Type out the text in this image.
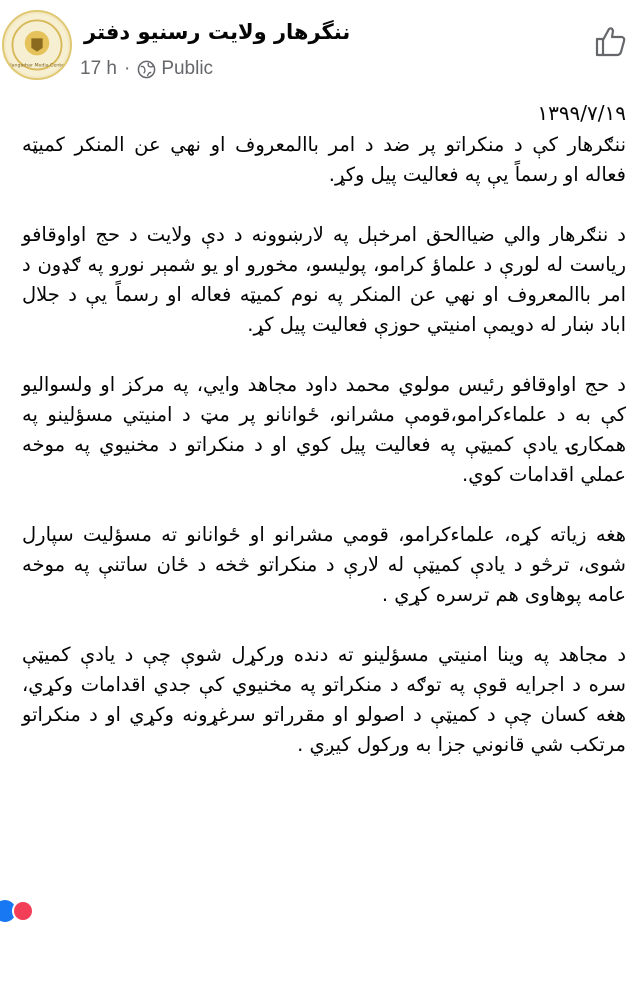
Nangarhar Media Center
ننگرهار ولایت رسنیو دفتر
17 h · Public
۱۳۹۹/۷/۱۹
ننګرهار کې د منکراتو پر ضد د امر باالمعروف او نهي عن المنکر کمیټه فعاله او رسماً یې په فعالیت پیل وکړ.
د ننګرهار والي ضیاالحق امرخېل په لارښوونه د دې ولایت د حج اواوقافو ریاست له لورې د علماؤ کرامو، پولیسو، مخورو او یو شمېر نورو په ګډون د امر باالمعروف او نهي عن المنکر په نوم کمیټه فعاله او رسماً یې د جلال اباد ښار له دویمې امنیتي حوزې فعالیت پیل کړ.
د حج اواوقافو رئیس مولوي محمد داود مجاهد وایي، په مرکز او ولسوالیو کې به د علماءکرامو،قومې مشرانو، ځوانانو پر مټ د امنیتي مسؤلینو په همکارۍ یادې کمیټې په فعالیت پیل کوي او د منکراتو د مخنیوي په موخه عملي اقدامات کوي.
هغه زیاته کړه، علماءکرامو، قومي مشرانو او ځوانانو ته مسؤلیت سپارل شوی، ترڅو د یادې کمیټې له لارې د منکراتو څخه د ځان ساتنې په موخه عامه پوهاوی هم ترسره کړي .
د مجاهد په وینا امنیتي مسؤلینو ته دنده ورکړل شوې چې د یادې کمیټې سره د اجرایه قوې په توګه د منکراتو په مخنیوي کې جدي اقدامات وکړي، هغه کسان چې د کمیټې د اصولو او مقرراتو سرغړونه وکړي او د منکراتو مرتکب شي قانوني جزا به ورکول کیږي .
